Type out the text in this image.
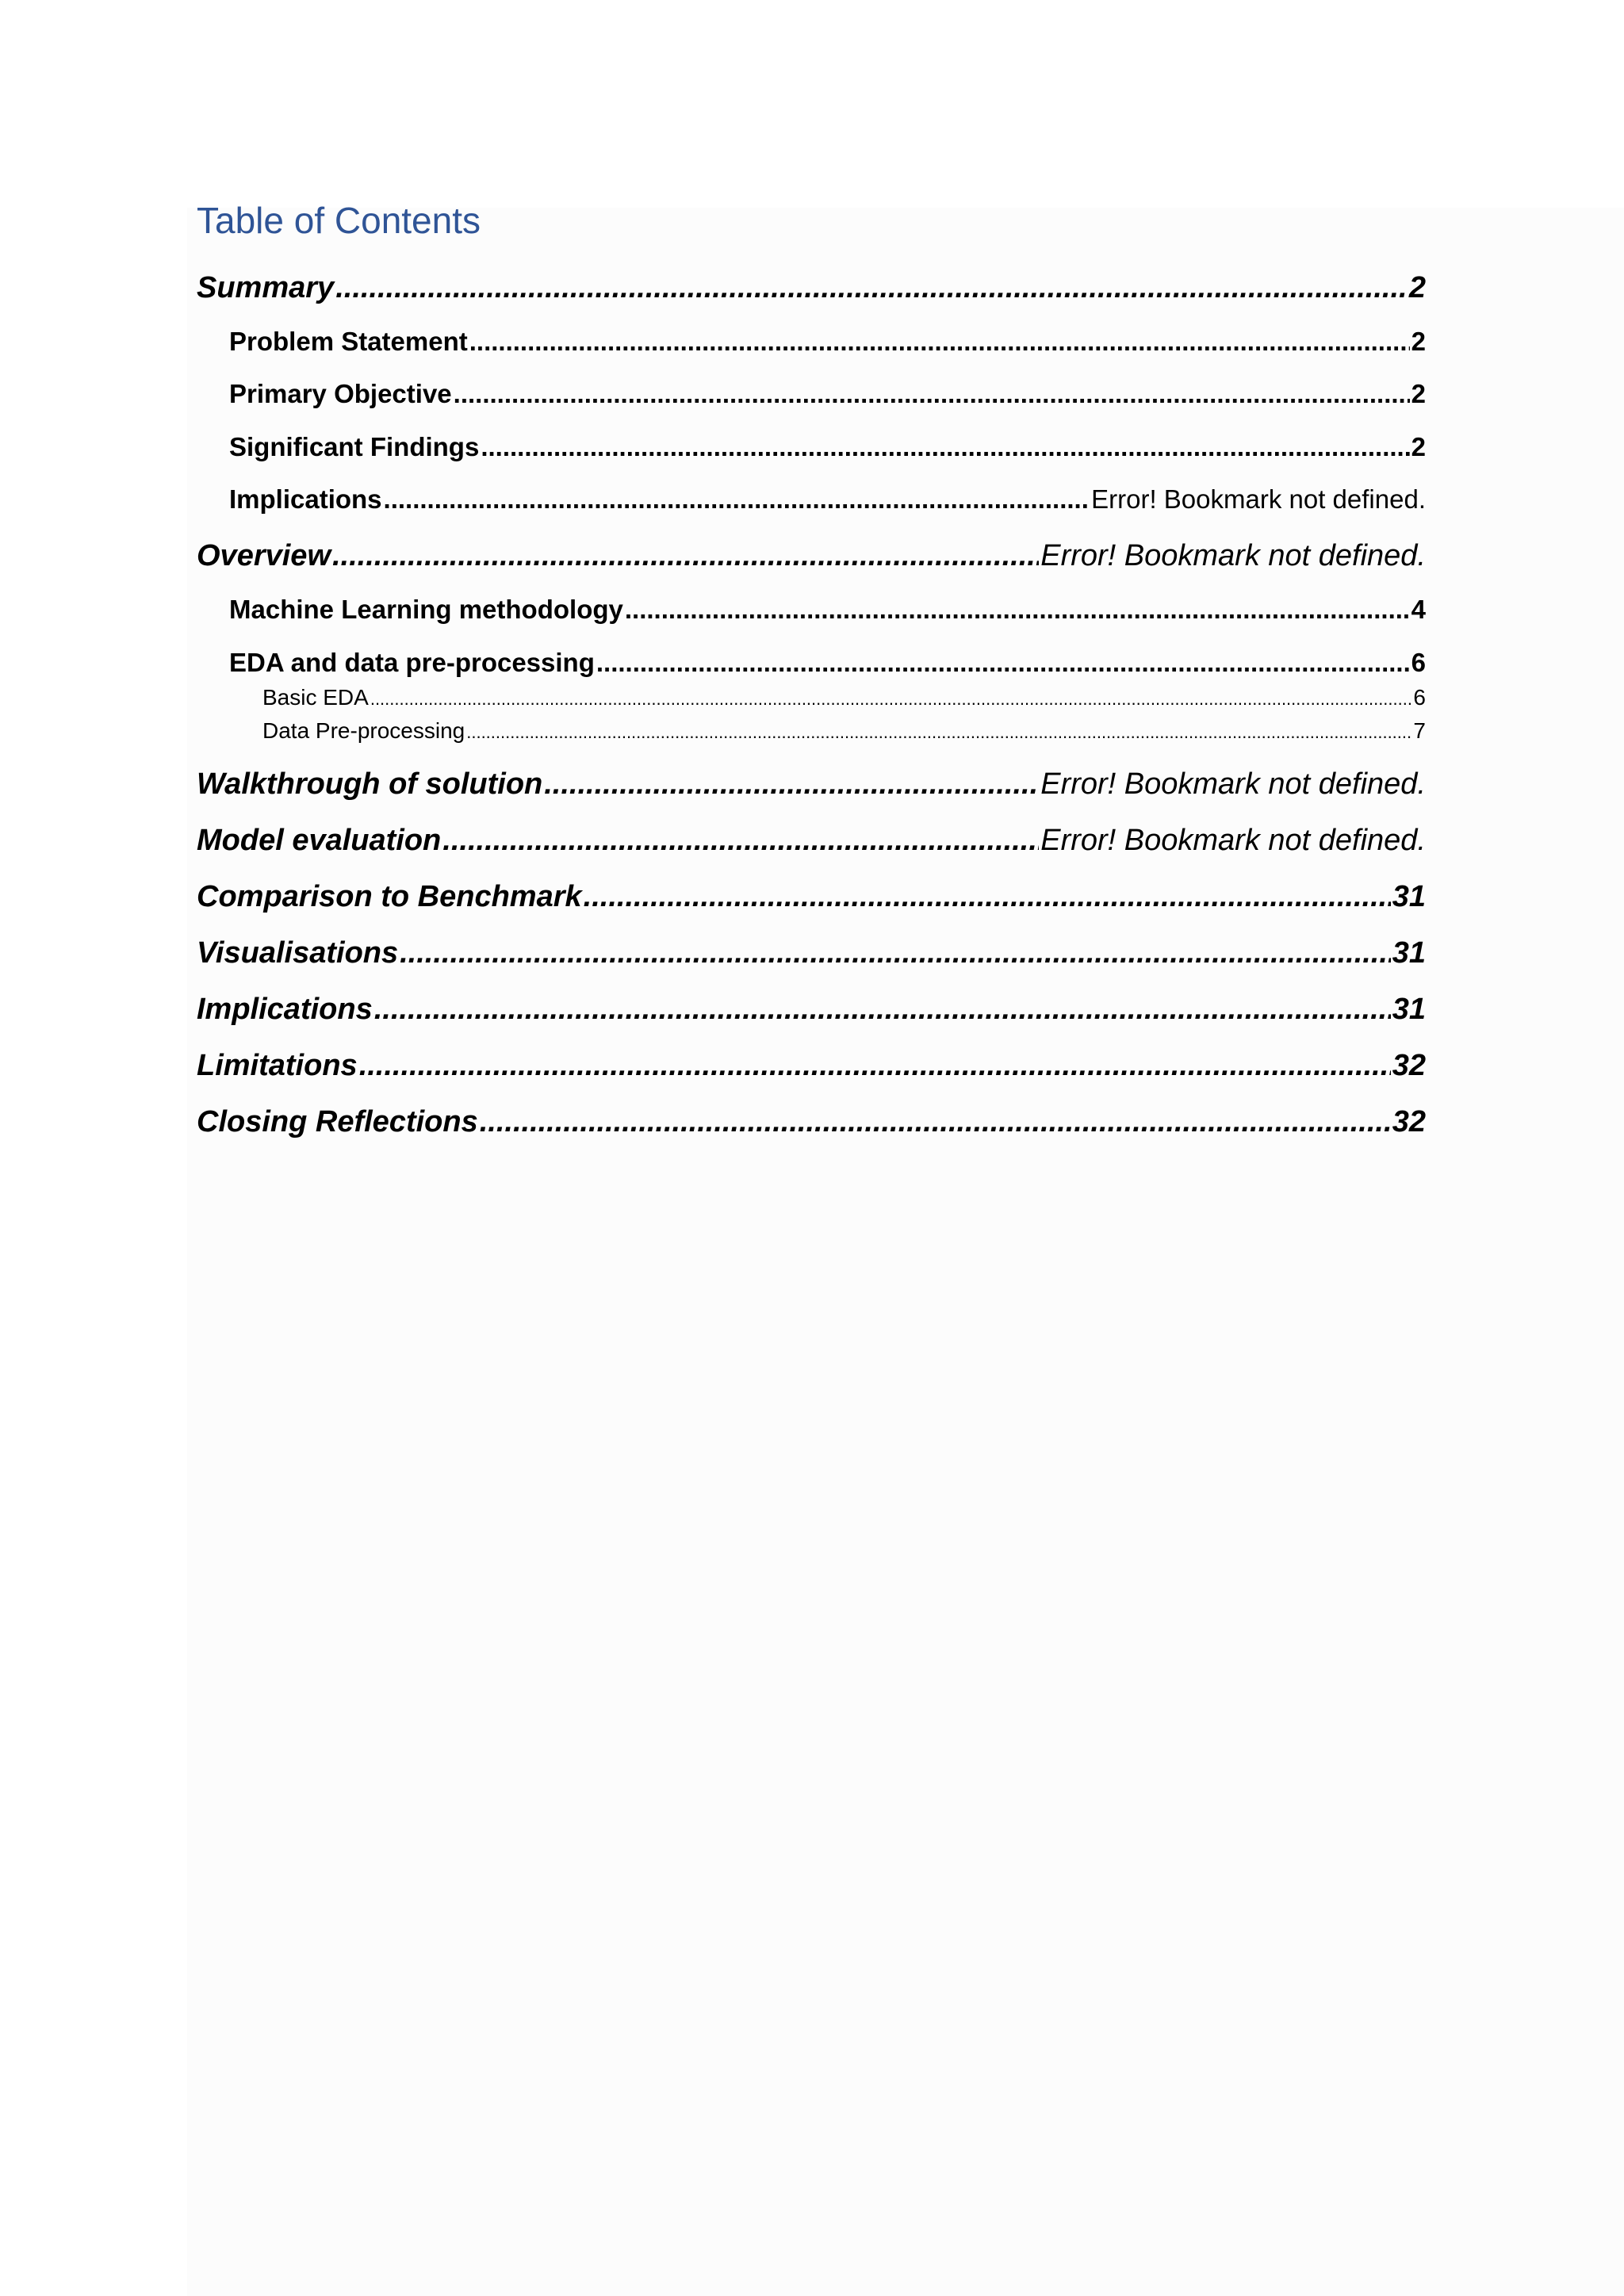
Table of Contents
Summary .....	2
Problem Statement .....	2
Primary Objective .....	2
Significant Findings .....	2
Implications .....	Error! Bookmark not defined.
Overview .....	Error! Bookmark not defined.
Machine Learning methodology .....	4
EDA and data pre-processing .....	6
Basic EDA .....	6
Data Pre-processing .....	7
Walkthrough of solution .....	Error! Bookmark not defined.
Model evaluation .....	Error! Bookmark not defined.
Comparison to Benchmark .....	31
Visualisations .....	31
Implications .....	31
Limitations .....	32
Closing Reflections .....	32
